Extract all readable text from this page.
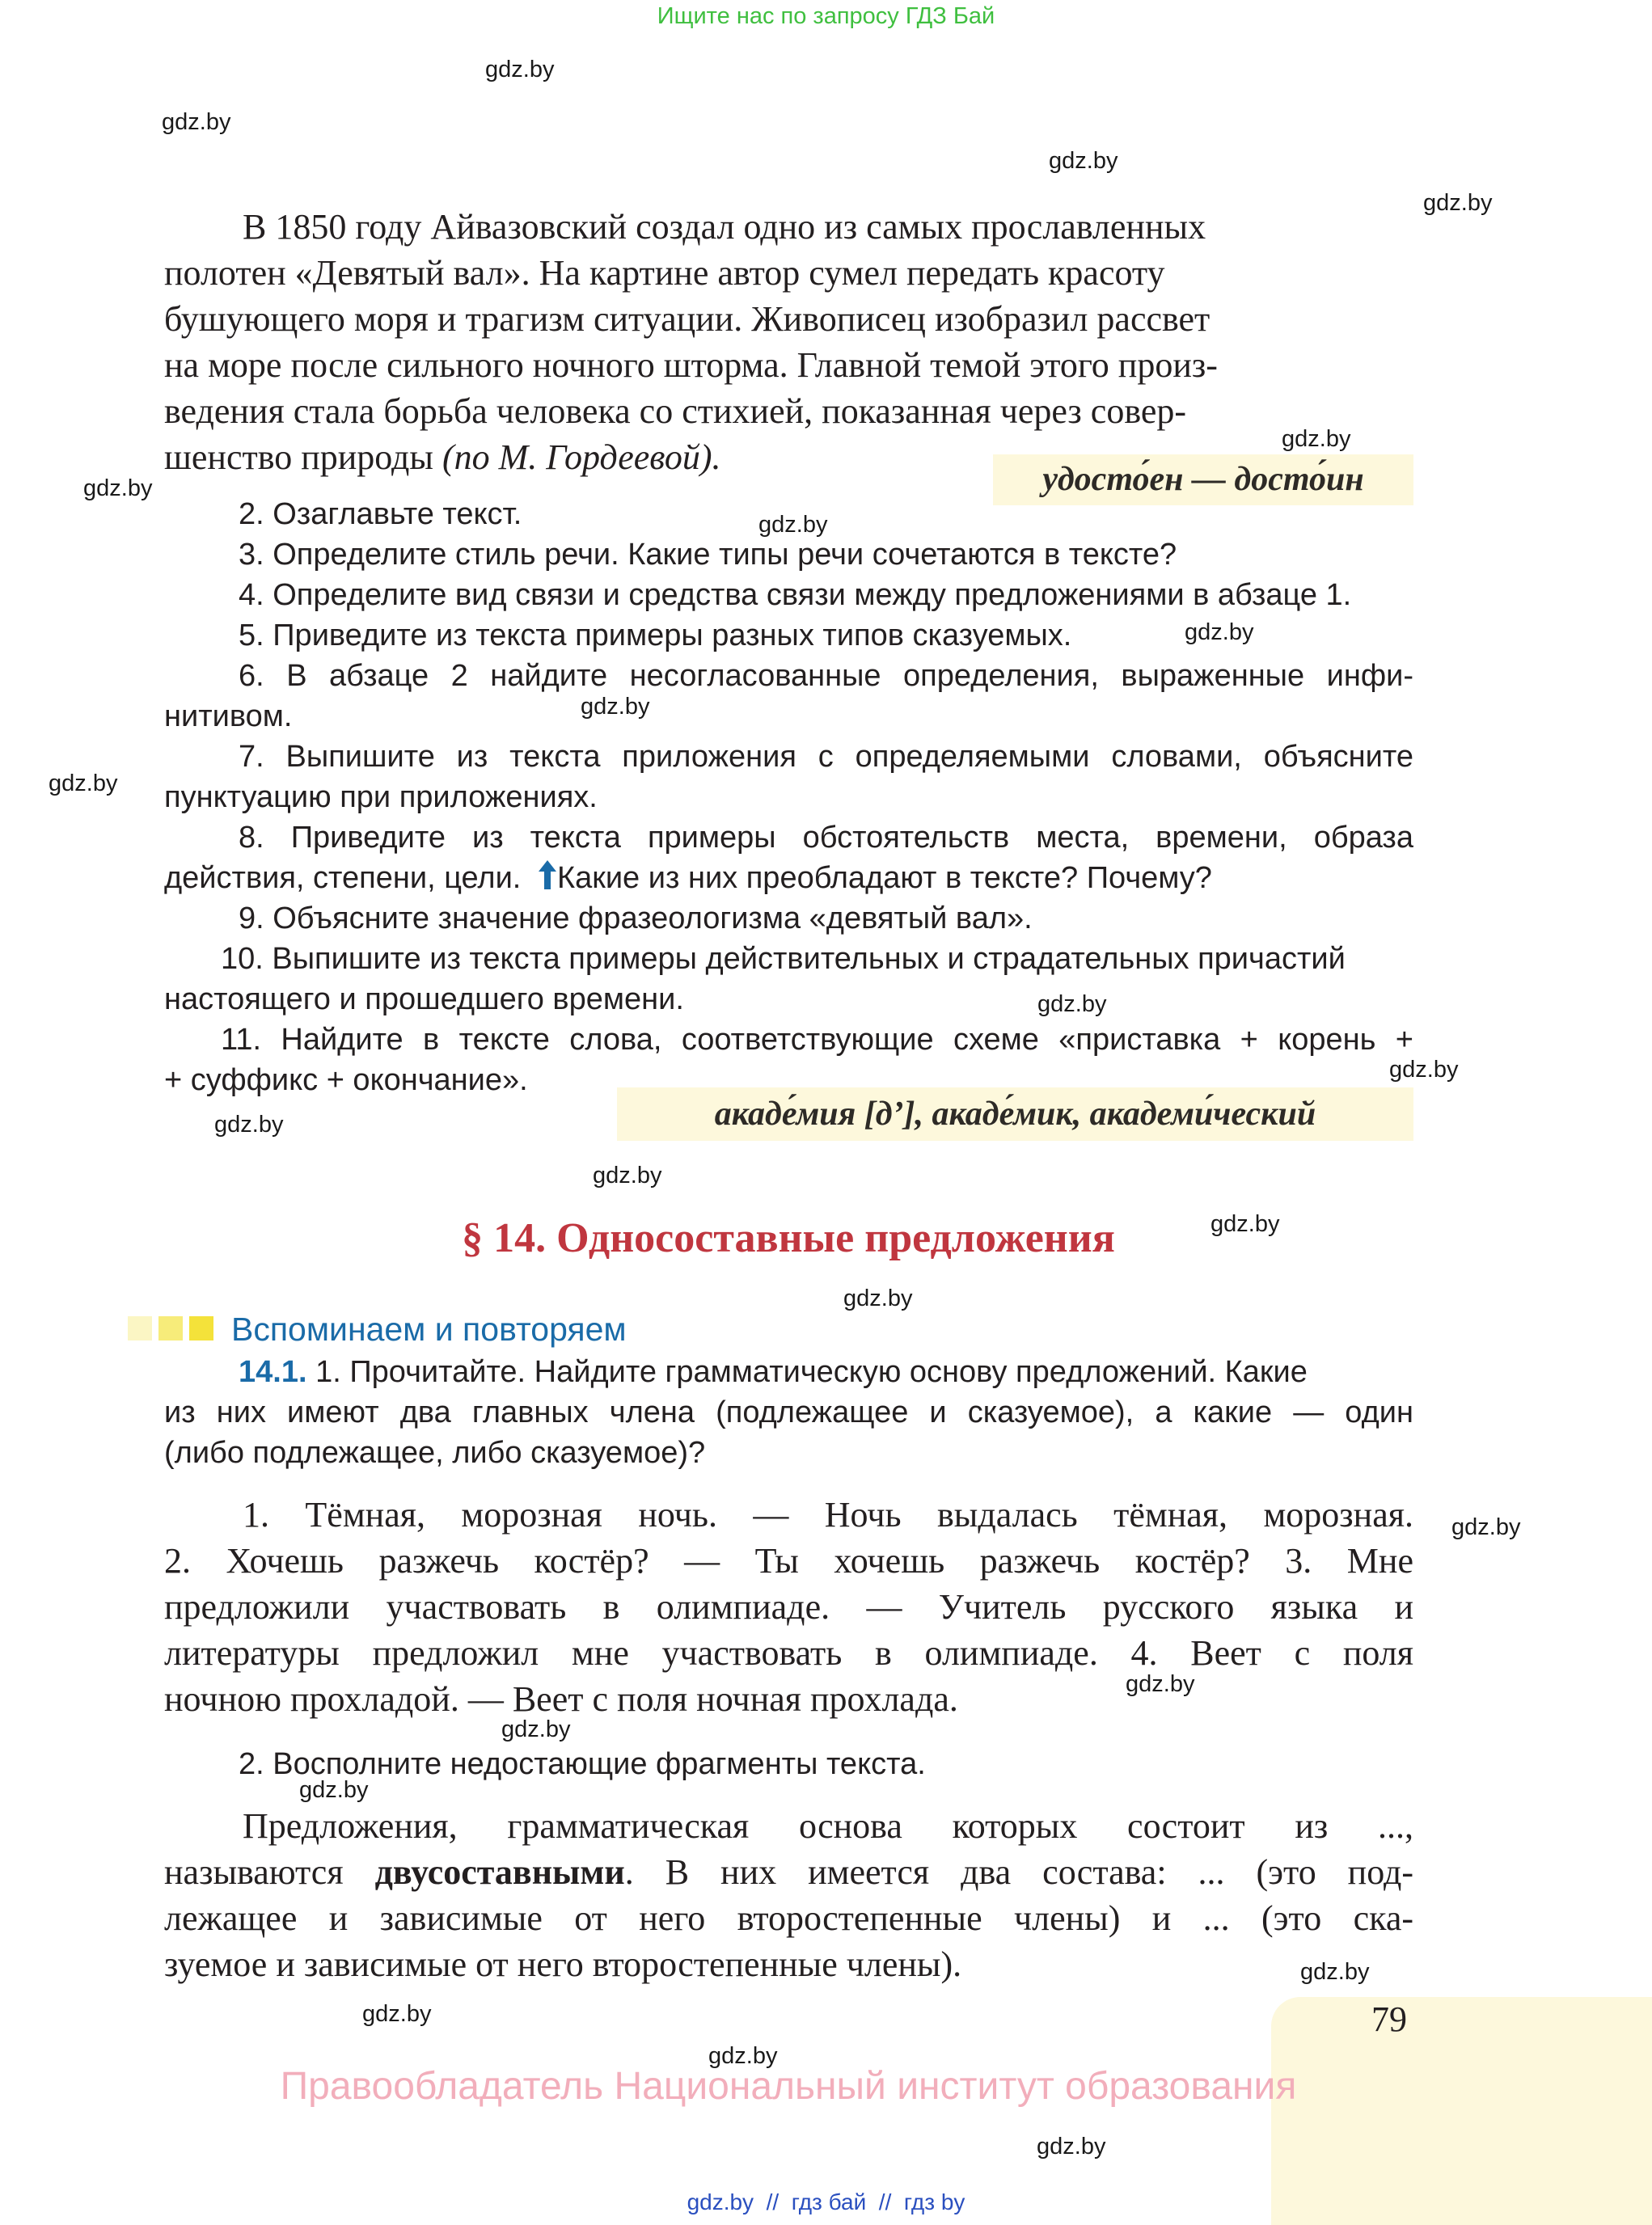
Ищите нас по запросу ГДЗ Бай
gdz.by
gdz.by
gdz.by
gdz.by
gdz.by
gdz.by
gdz.by
gdz.by
gdz.by
gdz.by
gdz.by
gdz.by
gdz.by
gdz.by
gdz.by
gdz.by
gdz.by
gdz.by
gdz.by
gdz.by
gdz.by
gdz.by
gdz.by
gdz.by
В 1850 году Айвазовский создал одно из самых прославленных
полотен «Девятый вал». На картине автор сумел передать красоту
бушующего моря и трагизм ситуации. Живописец изобразил рассвет
на море после сильного ночного шторма. Главной темой этого произ-
ведения стала борьба человека со стихией, показанная через совер-
шенство природы (по М. Гордеевой).
удосто́ен — досто́ин
2. Озаглавьте текст.
3. Определите стиль речи. Какие типы речи сочетаются в тексте?
4. Определите вид связи и средства связи между предложениями в абзаце 1.
5. Приведите из текста примеры разных типов сказуемых.
6. В абзаце 2 найдите несогласованные определения, выраженные инфи-
нитивом.
7. Выпишите из текста приложения с определяемыми словами, объясните
пунктуацию при приложениях.
8. Приведите из текста примеры обстоятельств места, времени, образа
действия, степени, цели. Какие из них преобладают в тексте? Почему?
9. Объясните значение фразеологизма «девятый вал».
10. Выпишите из текста примеры действительных и страдательных причастий
настоящего и прошедшего времени.
11. Найдите в тексте слова, соответствующие схеме «приставка + корень +
+ суффикс + окончание».
акаде́мия [д’], акаде́мик, академи́ческий
§ 14. Односоставные предложения
Вспоминаем и повторяем
14.1. 1. Прочитайте. Найдите грамматическую основу предложений. Какие
из них имеют два главных члена (подлежащее и сказуемое), а какие — один
(либо подлежащее, либо сказуемое)?
1. Тёмная, морозная ночь. — Ночь выдалась тёмная, морозная.
2. Хочешь разжечь костёр? — Ты хочешь разжечь костёр? 3. Мне
предложили участвовать в олимпиаде. — Учитель русского языка и
литературы предложил мне участвовать в олимпиаде. 4. Веет с поля
ночною прохладой. — Веет с поля ночная прохлада.
2. Восполните недостающие фрагменты текста.
Предложения, грамматическая основа которых состоит из ...,
называются двусоставными. В них имеется два состава: ... (это под-
лежащее и зависимые от него второстепенные члены) и ... (это ска-
зуемое и зависимые от него второстепенные члены).
79
Правообладатель Национальный институт образования
gdz.by  //  гдз бай  //  гдз by
